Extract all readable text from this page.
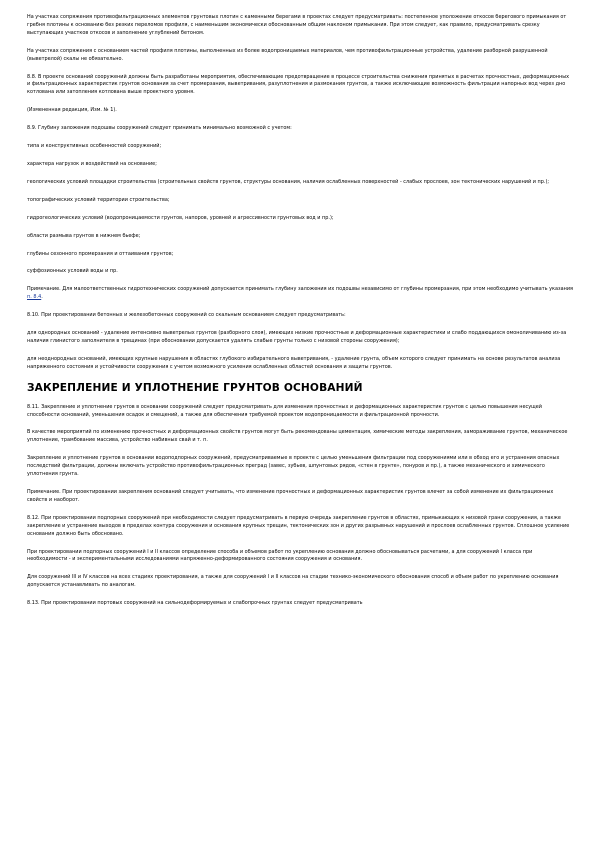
На участках сопряжения противофильтрационных элементов грунтовых плотин с каменными берегами в проектах следует предусматривать: постепенное уположение откосов берегового примыкания от гребня плотины к основанию без резких переломов профиля, с наименьшим экономически обоснованным общим наклоном примыкания. При этом следует, как правило, предусматривать срезку выступающих участков откосов и заполнение углублений бетоном.

На участках сопряжения с основанием частей профиля плотины, выполненных из более водопроницаемых материалов, чем противофильтрационные устройства, удаление разборной разрушенной (выветрелой) скалы не обязательно.

8.8. В проекте оснований сооружений должны быть разработаны мероприятия, обеспечивающие предотвращение в процессе строительства снижения принятых в расчетах прочностных, деформационных и фильтрационных характеристик грунтов основания за счет промерзания, выветривания, разуплотнения и размокания грунтов, а также исключающие возможность фильтрации напорных вод через дно котлована или затопления котлована выше проектного уровня.

(Измененная редакция, Изм. № 1).

8.9. Глубину заложения подошвы сооружений следует принимать минимально возможной с учетом:

типа и конструктивных особенностей сооружений;

характера нагрузок и воздействий на основание;

геологических условий площадки строительства (строительных свойств грунтов, структуры основания, наличия ослабленных поверхностей - слабых прослоев, зон тектонических нарушений и пр.);

топографических условий территории строительства;

гидрогеологических условий (водопроницаемости грунтов, напоров, уровней и агрессивности грунтовых вод и пр.);

области размыва грунтов в нижнем бьефе;

глубины сезонного промерзания и оттаивания грунтов;

суффозионных условий воды и пр.

Примечание. Для малоответственных гидротехнических сооружений допускается принимать глубину заложения их подошвы независимо от глубины промерзания, при этом необходимо учитывать указания п. 8.4.

8.10. При проектировании бетонных и железобетонных сооружений со скальным основанием следует предусматривать:

для однородных оснований - удаление интенсивно выветрелых грунтов (разборного слоя), имеющих низкие прочностные и деформационные характеристики и слабо поддающихся омоноличиванию из-за наличия глинистого заполнителя в трещинах (при обосновании допускается удалять слабые грунты только с низовой стороны сооружения);

для неоднородных оснований, имеющих крупные нарушения в областях глубокого избирательного выветривания, - удаление грунта, объем которого следует принимать на основе результатов анализа напряженного состояния и устойчивости сооружения с учетом возможного усиления ослабленных областей основания и защиты грунтов.

ЗАКРЕПЛЕНИЕ И УПЛОТНЕНИЕ ГРУНТОВ ОСНОВАНИЙ

8.11. Закрепление и уплотнение грунтов в основании сооружений следует предусматривать для изменения прочностных и деформационных характеристик грунтов с целью повышения несущей способности оснований, уменьшения осадок и смещений, а также для обеспечения требуемой проектом водопроницаемости и фильтрационной прочности.

В качестве мероприятий по изменению прочностных и деформационных свойств грунтов могут быть рекомендованы цементация, химические методы закрепления, замораживание грунтов, механическое уплотнение, трамбование массива, устройство набивных свай и т. п.

Закрепление и уплотнение грунтов в основании водоподпорных сооружений, предусматриваемые в проекте с целью уменьшения фильтрации под сооружениями или в обход его и устранения опасных последствий фильтрации, должны включать устройство противофильтрационных преград (завес, зубьев, шпунтовых рядов, «стен в грунте», понуров и пр.), а также механического и химического уплотнения грунта.

Примечание. При проектировании закрепления оснований следует учитывать, что изменение прочностных и деформационных характеристик грунтов влечет за собой изменение их фильтрационных свойств и наоборот.

8.12. При проектировании подпорных сооружений при необходимости следует предусматривать в первую очередь закрепление грунтов в областях, примыкающих к низовой грани сооружения, а также закрепление и устранение выходов в пределах контура сооружения и основания крупных трещин, тектонических зон и других разрывных нарушений и прослоев ослабленных грунтов. Сплошное усиление основания должно быть обосновано.

При проектировании подпорных сооружений I и II классов определение способа и объемов работ по укреплению основания должно обосновываться расчетами, а для сооружений I класса при необходимости - и экспериментальными исследованиями напряженно-деформированного состояния сооружения и основания.

Для сооружений III и IV классов на всех стадиях проектирования, а также для сооружений I и II классов на стадии технико-экономического обоснования способ и объем работ по укреплению основания допускается устанавливать по аналогам.

8.13. При проектировании портовых сооружений на сильнодеформируемых и слабопрочных грунтах следует предусматривать
